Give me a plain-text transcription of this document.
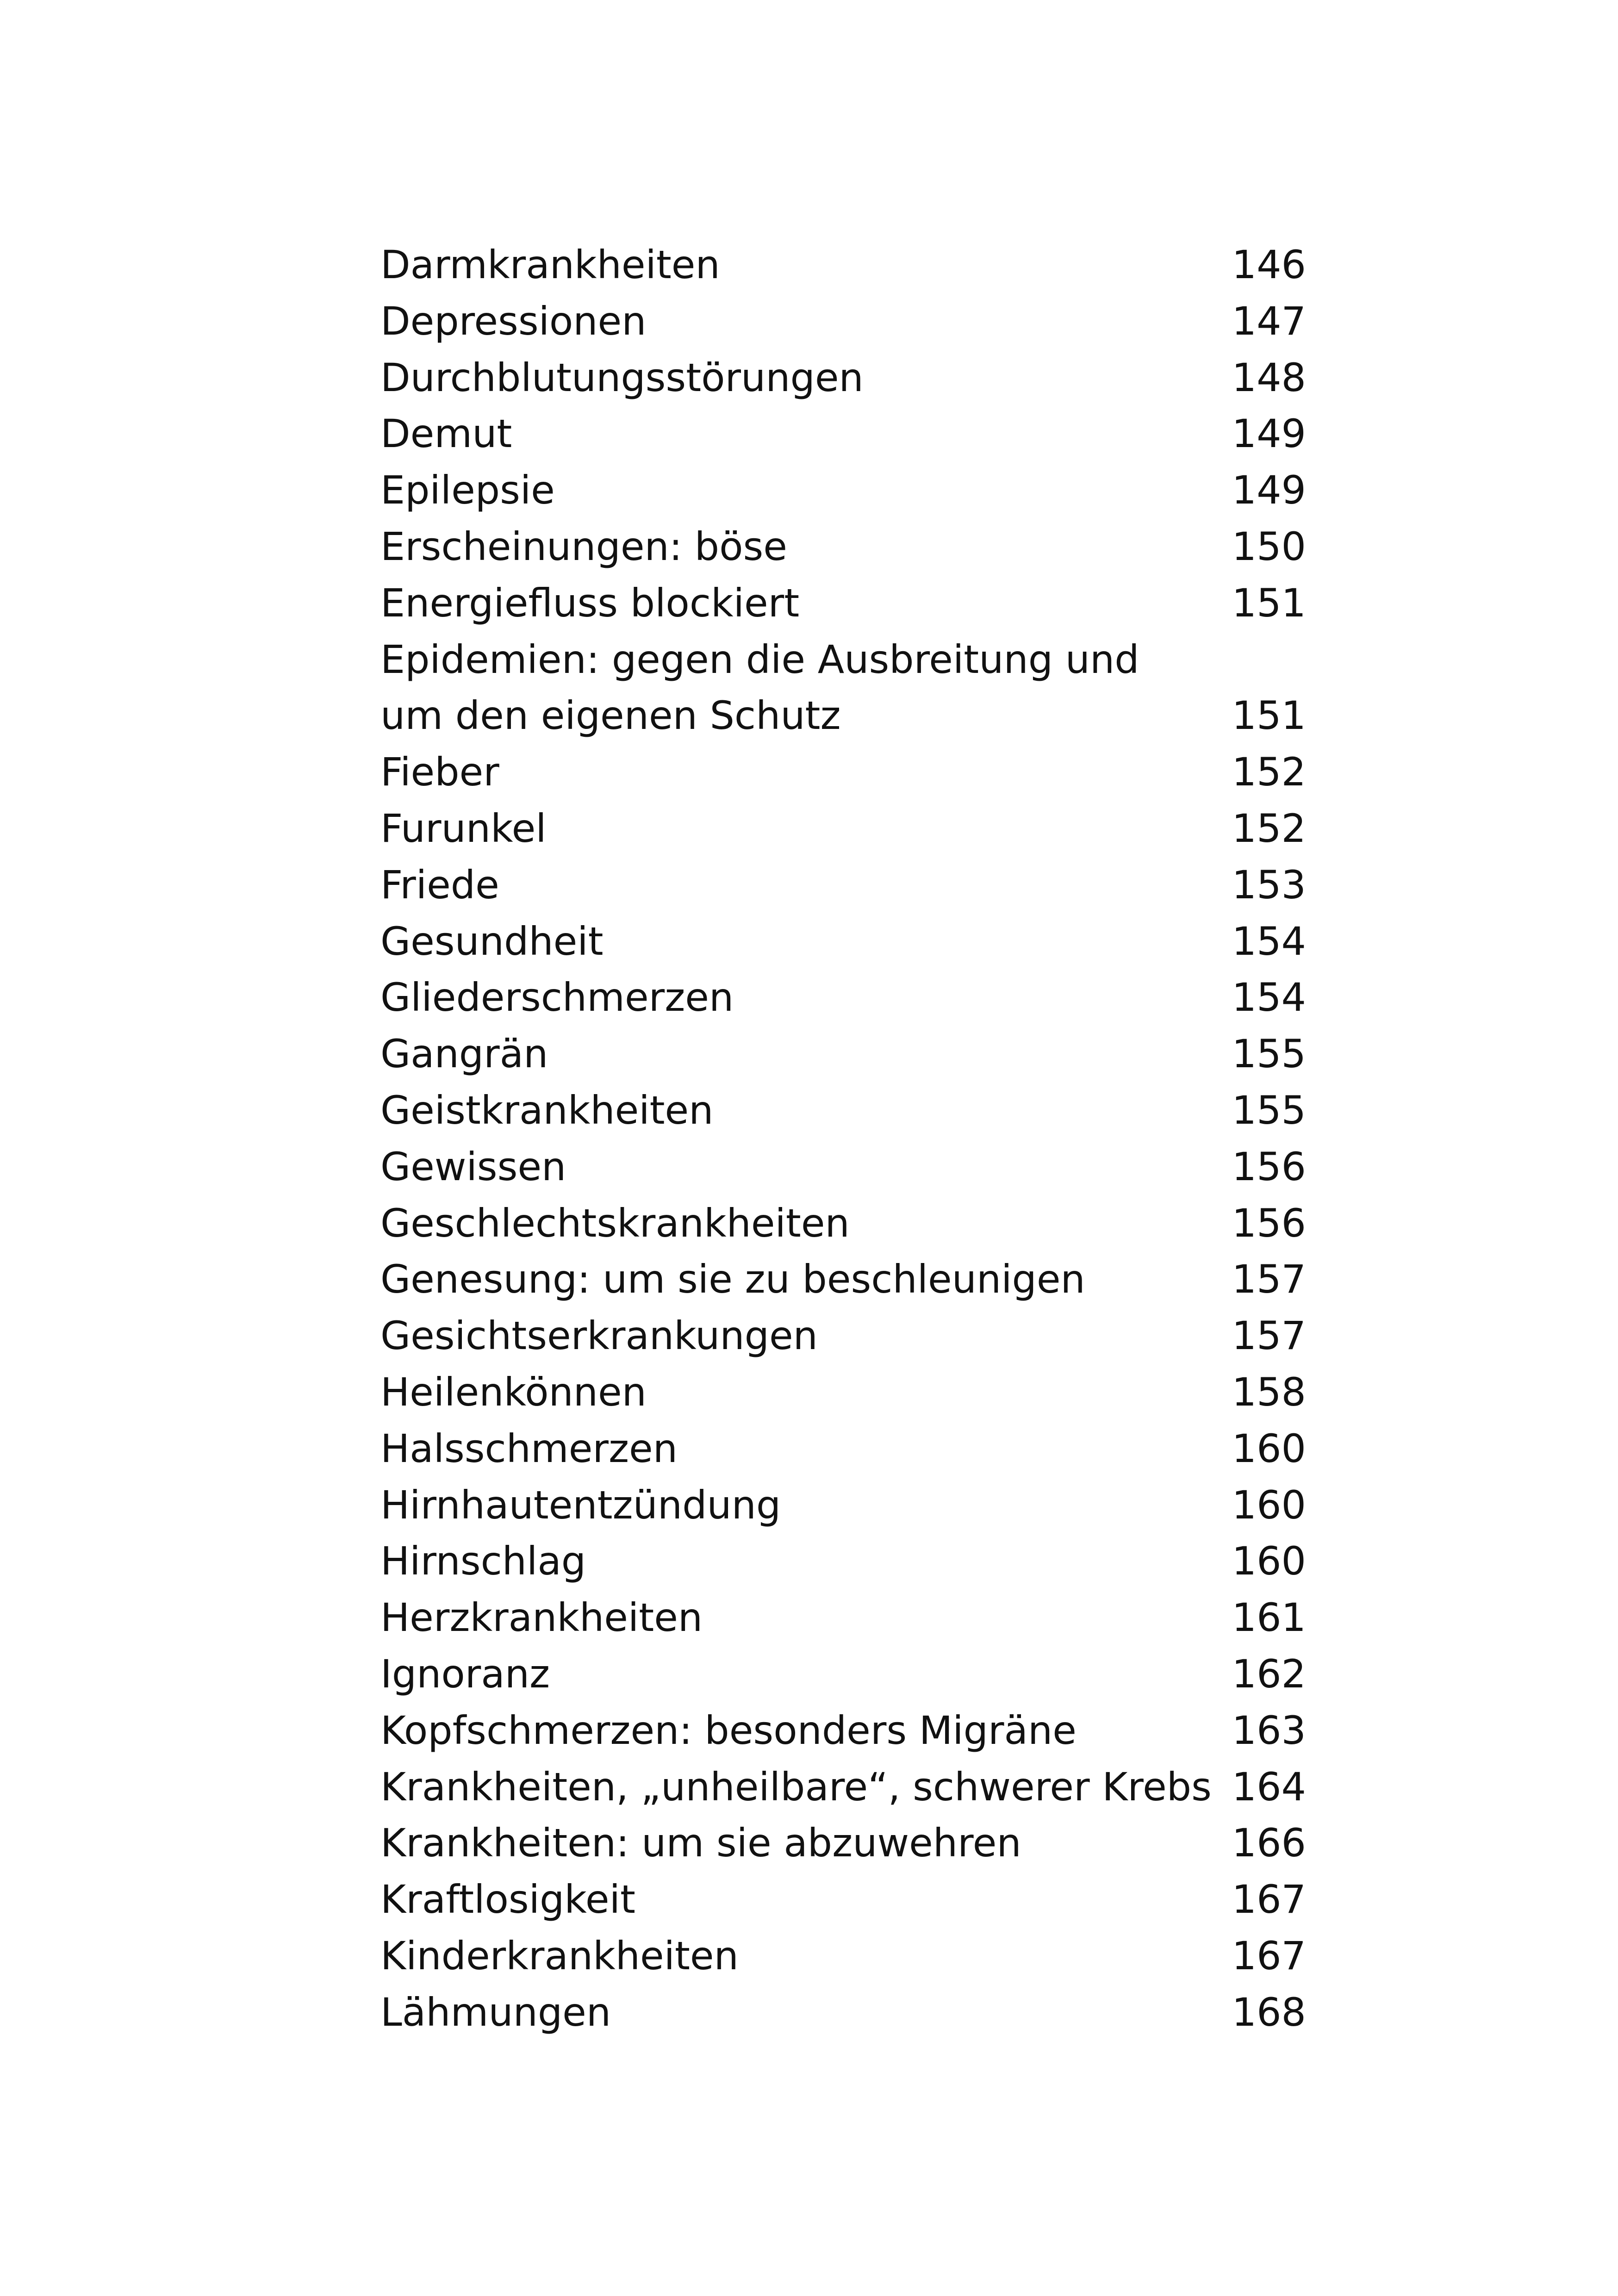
Darmkrankheiten	146
Depressionen	147
Durchblutungsstörungen	148
Demut	149
Epilepsie	149
Erscheinungen: böse	150
Energiefluss blockiert	151
Epidemien: gegen die Ausbreitung und
um den eigenen Schutz	151
Fieber	152
Furunkel	152
Friede	153
Gesundheit	154
Gliederschmerzen	154
Gangrän	155
Geistkrankheiten	155
Gewissen	156
Geschlechtskrankheiten	156
Genesung: um sie zu beschleunigen	157
Gesichtserkrankungen	157
Heilenkönnen	158
Halsschmerzen	160
Hirnhautentzündung	160
Hirnschlag	160
Herzkrankheiten	161
Ignoranz	162
Kopfschmerzen: besonders Migräne	163
Krankheiten, „unheilbare“, schwerer Krebs 164
Krankheiten: um sie abzuwehren	166
Kraftlosigkeit	167
Kinderkrankheiten	167
Lähmungen	168
